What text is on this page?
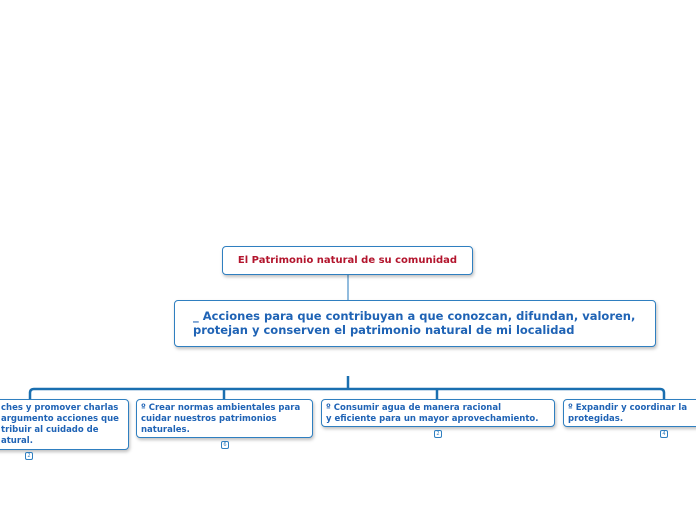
El Patrimonio natural de su comunidad
_ Acciones para que contribuyan a que conozcan, difundan, valoren,
protejan y conserven el patrimonio natural de mi localidad
ches y promover charlas
argumento acciones que
tribuir al cuidado de
atural.
2
º Crear normas ambientales para
cuidar nuestros patrimonios
naturales.
6
º Consumir agua de manera racional
y eficiente para un mayor aprovechamiento.
2
º Expandir y coordinar la
protegidas.
4
